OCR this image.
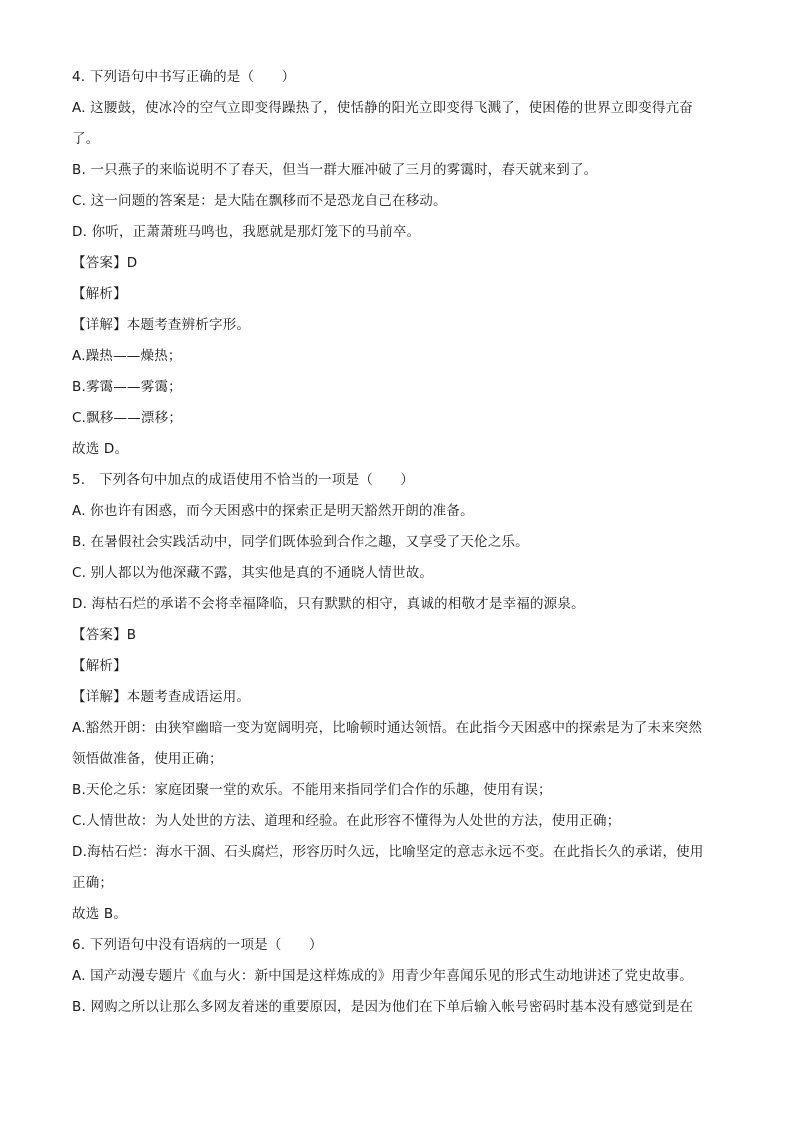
4. 下列语句中书写正确的是（　　）
A. 这腰鼓，使冰冷的空气立即变得躁热了，使恬静的阳光立即变得飞溅了，使困倦的世界立即变得亢奋
了。
B. 一只燕子的来临说明不了春天，但当一群大雁冲破了三月的雾霭时，春天就来到了。
C. 这一问题的答案是：是大陆在飘移而不是恐龙自己在移动。
D. 你听，正萧萧班马鸣也，我愿就是那灯笼下的马前卒。
【答案】D
【解析】
【详解】本题考查辨析字形。
A.躁热——燥热；
B.雾霭——雾霭；
C.飘移——漂移；
故选 D。
5.　下列各句中加点的成语使用不恰当的一项是（　　）
A. 你也许有困惑，而今天困惑中的探索正是明天豁然开朗的准备。
B. 在暑假社会实践活动中，同学们既体验到合作之趣，又享受了天伦之乐。
C. 别人都以为他深藏不露，其实他是真的不通晓人情世故。
D. 海枯石烂的承诺不会将幸福降临，只有默默的相守，真诚的相敬才是幸福的源泉。
【答案】B
【解析】
【详解】本题考查成语运用。
A.豁然开朗：由狭窄幽暗一变为宽阔明亮，比喻顿时通达领悟。在此指今天困惑中的探索是为了未来突然
领悟做准备，使用正确；
B.天伦之乐：家庭团聚一堂的欢乐。不能用来指同学们合作的乐趣，使用有误；
C.人情世故：为人处世的方法、道理和经验。在此形容不懂得为人处世的方法，使用正确；
D.海枯石烂：海水干涸、石头腐烂，形容历时久远，比喻坚定的意志永远不变。在此指长久的承诺，使用
正确；
故选 B。
6. 下列语句中没有语病的一项是（　　）
A. 国产动漫专题片《血与火：新中国是这样炼成的》用青少年喜闻乐见的形式生动地讲述了党史故事。
B. 网购之所以让那么多网友着迷的重要原因，是因为他们在下单后输入帐号密码时基本没有感觉到是在
